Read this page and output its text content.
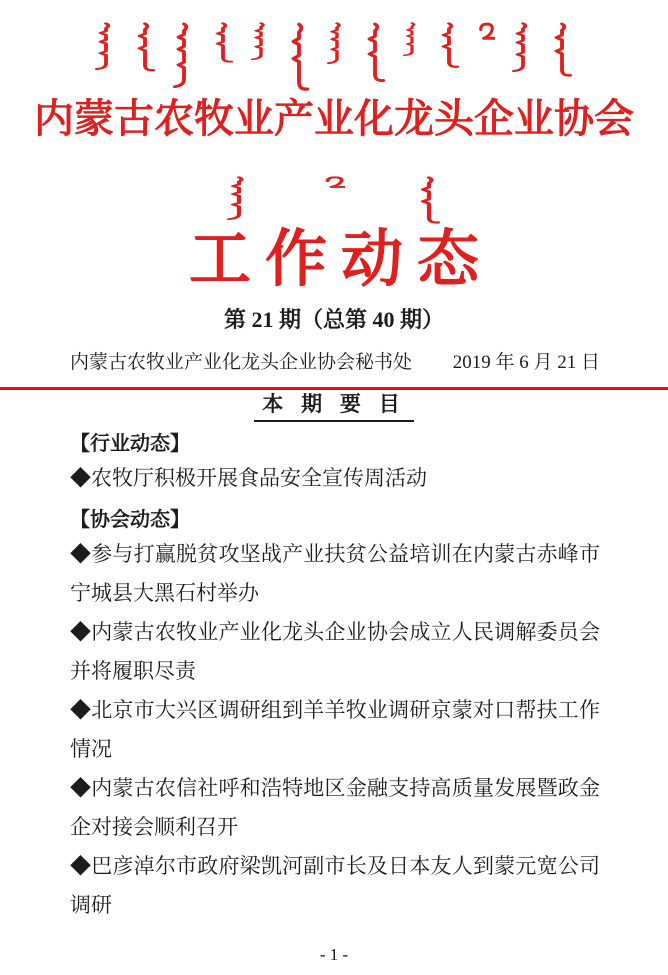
内蒙古农牧业产业化龙头企业协会
工作动态
第 21 期（总第 40 期）
内蒙古农牧业产业化龙头企业协会秘书处 2019 年 6 月 21 日
本 期 要 目
【行业动态】

◆农牧厅积极开展食品安全宣传周活动

【协会动态】

◆参与打赢脱贫攻坚战产业扶贫公益培训在内蒙古赤峰市宁城县大黑石村举办

◆内蒙古农牧业产业化龙头企业协会成立人民调解委员会并将履职尽责

◆北京市大兴区调研组到羊羊牧业调研京蒙对口帮扶工作情况

◆内蒙古农信社呼和浩特地区金融支持高质量发展暨政金企对接会顺利召开

◆巴彦淖尔市政府梁凯河副市长及日本友人到蒙元宽公司调研

- 1 -
